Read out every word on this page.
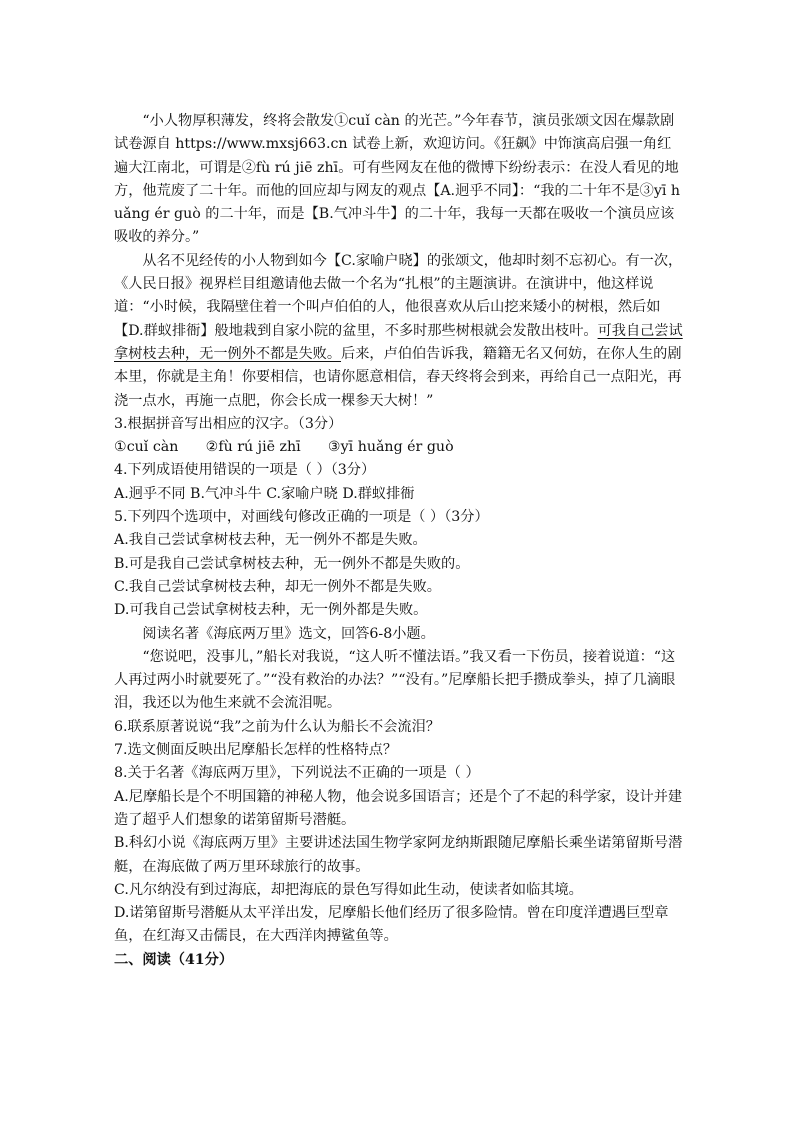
“小人物厚积薄发，终将会散发①cuǐ càn 的光芒。”今年春节，演员张颂文因在爆款剧试卷源自 https://www.mxsj663.cn 试卷上新，欢迎访问。《狂飙》中饰演高启强一角红遍大江南北，可谓是②fù rú jiē zhī。可有些网友在他的微博下纷纷表示：在没人看见的地方，他荒废了二十年。而他的回应却与网友的观点【A.迥乎不同】：“我的二十年不是③yī huǎng ér guò 的二十年，而是【B.气冲斗牛】的二十年，我每一天都在吸收一个演员应该吸收的养分。”

从名不见经传的小人物到如今【C.家喻户晓】的张颂文，他却时刻不忘初心。有一次，《人民日报》视界栏目组邀请他去做一个名为“扎根”的主题演讲。在演讲中，他这样说道：“小时候，我隔壁住着一个叫卢伯伯的人，他很喜欢从后山挖来矮小的树根，然后如【D.群蚁排衙】般地栽到自家小院的盆里，不多时那些树根就会发散出枝叶。可我自己尝试拿树枝去种，无一例外不都是失败。后来，卢伯伯告诉我，籍籍无名又何妨，在你人生的剧本里，你就是主角！你要相信，也请你愿意相信，春天终将会到来，再给自己一点阳光，再浇一点水，再施一点肥，你会长成一棵参天大树！”

3.根据拼音写出相应的汉字。（3分）

①cuǐ càn ②fù rú jiē zhī ③yī huǎng ér guò

4.下列成语使用错误的一项是（ ）（3分）

A.迥乎不同 B.气冲斗牛 C.家喻户晓 D.群蚁排衙

5.下列四个选项中，对画线句修改正确的一项是（ ）（3分）

A.我自己尝试拿树枝去种，无一例外不都是失败。

B.可是我自己尝试拿树枝去种，无一例外不都是失败的。

C.我自己尝试拿树枝去种，却无一例外不都是失败。

D.可我自己尝试拿树枝去种，无一例外都是失败。

阅读名著《海底两万里》选文，回答6-8小题。

“您说吧，没事儿，”船长对我说，“这人听不懂法语。”我又看一下伤员，接着说道：“这人再过两小时就要死了。”“没有救治的办法？”“没有。”尼摩船长把手攒成拳头，掉了几滴眼泪，我还以为他生来就不会流泪呢。

6.联系原著说说“我”之前为什么认为船长不会流泪？

7.选文侧面反映出尼摩船长怎样的性格特点？

8.关于名著《海底两万里》，下列说法不正确的一项是（ ）

A.尼摩船长是个不明国籍的神秘人物，他会说多国语言；还是个了不起的科学家，设计并建造了超乎人们想象的诺第留斯号潜艇。

B.科幻小说《海底两万里》主要讲述法国生物学家阿龙纳斯跟随尼摩船长乘坐诺第留斯号潜艇，在海底做了两万里环球旅行的故事。

C.凡尔纳没有到过海底，却把海底的景色写得如此生动，使读者如临其境。

D.诺第留斯号潜艇从太平洋出发，尼摩船长他们经历了很多险情。曾在印度洋遭遇巨型章鱼，在红海又击儒艮，在大西洋肉搏鲨鱼等。

二、阅读（41分）
